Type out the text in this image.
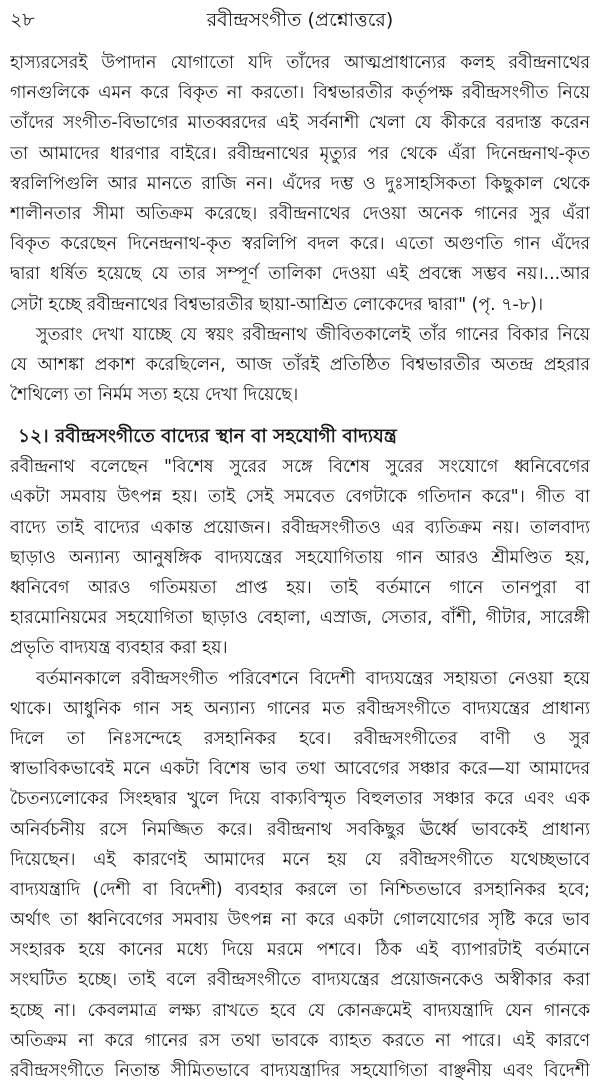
২৮	রবীন্দ্রসংগীত (প্রশ্নোত্তরে)
হাস্যরসেরই উপাদান যোগাতো যদি তাঁদের আত্মপ্রাধান্যের কলহ রবীন্দ্রনাথের
গানগুলিকে এমন করে বিকৃত না করতো। বিশ্বভারতীর কর্তৃপক্ষ রবীন্দ্রসংগীত নিয়ে
তাঁদের সংগীত-বিভাগের মাতব্বরদের এই সর্বনাশী খেলা যে কীকরে বরদাস্ত করেন
তা আমাদের ধারণার বাইরে। রবীন্দ্রনাথের মৃত্যুর পর থেকে এঁরা দিনেন্দ্রনাথ-কৃত
স্বরলিপিগুলি আর মানতে রাজি নন। এঁদের দম্ভ ও দুঃসাহসিকতা কিছুকাল থেকে
শালীনতার সীমা অতিক্রম করেছে। রবীন্দ্রনাথের দেওয়া অনেক গানের সুর এঁরা
বিকৃত করেছেন দিনেন্দ্রনাথ-কৃত স্বরলিপি বদল করে। এতো অগুণতি গান এঁদের
দ্বারা ধর্ষিত হয়েছে যে তার সম্পূর্ণ তালিকা দেওয়া এই প্রবন্ধে সম্ভব নয়।...আর
সেটা হচ্ছে রবীন্দ্রনাথের বিশ্বভারতীর ছায়া-আশ্রিত লোকেদের দ্বারা" (পৃ. ৭-৮)।
সুতরাং দেখা যাচ্ছে যে স্বয়ং রবীন্দ্রনাথ জীবিতকালেই তাঁর গানের বিকার নিয়ে
যে আশঙ্কা প্রকাশ করেছিলেন, আজ তাঁরই প্রতিষ্ঠিত বিশ্বভারতীর অতন্দ্র প্রহরার
শৈথিল্যে তা নির্মম সত্য হয়ে দেখা দিয়েছে।
১২। রবীন্দ্রসংগীতে বাদ্যের স্থান বা সহযোগী বাদ্যযন্ত্র
রবীন্দ্রনাথ বলেছেন "বিশেষ সুরের সঙ্গে বিশেষ সুরের সংযোগে ধ্বনিবেগের
একটা সমবায় উৎপন্ন হয়। তাই সেই সমবেত বেগটাকে গতিদান করে"। গীত বা
বাদ্যে তাই বাদ্যের একান্ত প্রয়োজন। রবীন্দ্রসংগীতও এর ব্যতিক্রম নয়। তালবাদ্য
ছাড়াও অন্যান্য আনুষঙ্গিক বাদ্যযন্ত্রের সহযোগিতায় গান আরও শ্রীমণ্ডিত হয়,
ধ্বনিবেগ আরও গতিময়তা প্রাপ্ত হয়। তাই বর্তমানে গানে তানপুরা বা
হারমোনিয়মের সহযোগিতা ছাড়াও বেহালা, এস্রাজ, সেতার, বাঁশী, গীটার, সারেঙ্গী
প্রভৃতি বাদ্যযন্ত্র ব্যবহার করা হয়।
বর্তমানকালে রবীন্দ্রসংগীত পরিবেশনে বিদেশী বাদ্যযন্ত্রের সহায়তা নেওয়া হয়ে
থাকে। আধুনিক গান সহ অন্যান্য গানের মত রবীন্দ্রসংগীতে বাদ্যযন্ত্রের প্রাধান্য
দিলে তা নিঃসন্দেহে রসহানিকর হবে। রবীন্দ্রসংগীতের বাণী ও সুর
স্বাভাবিকভাবেই মনে একটা বিশেষ ভাব তথা আবেগের সঞ্চার করে—যা আমাদের
চৈতন্যলোকের সিংহদ্বার খুলে দিয়ে বাক্যবিস্মৃত বিহুলতার সঞ্চার করে এবং এক
অনির্বচনীয় রসে নিমজ্জিত করে। রবীন্দ্রনাথ সবকিছুর ঊর্ধ্বে ভাবকেই প্রাধান্য
দিয়েছেন। এই কারণেই আমাদের মনে হয় যে রবীন্দ্রসংগীতে যথেচ্ছভাবে
বাদ্যযন্ত্রাদি (দেশী বা বিদেশী) ব্যবহার করলে তা নিশ্চিতভাবে রসহানিকর হবে;
অর্থাৎ তা ধ্বনিবেগের সমবায় উৎপন্ন না করে একটা গোলযোগের সৃষ্টি করে ভাব
সংহারক হয়ে কানের মধ্যে দিয়ে মরমে পশবে। ঠিক এই ব্যাপারটাই বর্তমানে
সংঘটিত হচ্ছে। তাই বলে রবীন্দ্রসংগীতে বাদ্যযন্ত্রের প্রয়োজনকেও অস্বীকার করা
হচ্ছে না। কেবলমাত্র লক্ষ্য রাখতে হবে যে কোনক্রমেই বাদ্যযন্ত্রাদি যেন গানকে
অতিক্রম না করে গানের রস তথা ভাবকে ব্যাহত করতে না পারে। এই কারণে
রবীন্দ্রসংগীতে নিতান্ত সীমিতভাবে বাদ্যযন্ত্রাদির সহযোগিতা বাঞ্ছনীয় এবং বিদেশী
